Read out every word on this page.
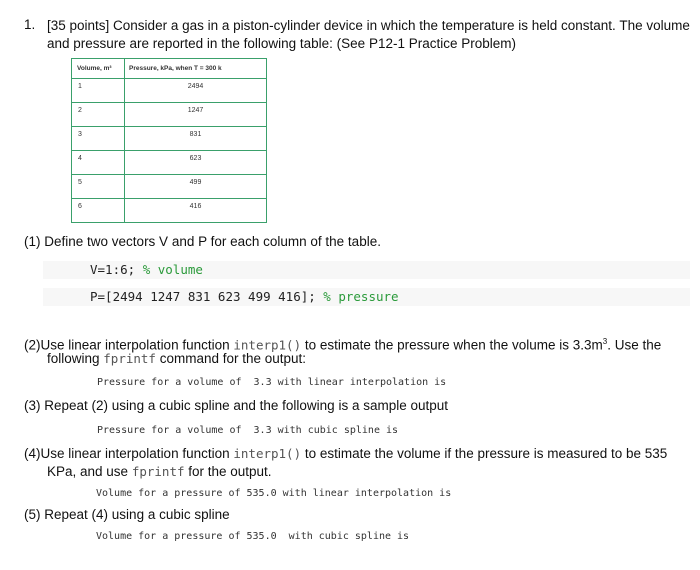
1. [35 points] Consider a gas in a piston-cylinder device in which the temperature is held constant. The volume and pressure are reported in the following table: (See P12-1 Practice Problem)
Volume, m³	Pressure, kPa, when T = 300 k
1	2494
2	1247
3	831
4	623
5	499
6	416
(1) Define two vectors V and P for each column of the table.
V=1:6; % volume
P=[2494 1247 831 623 499 416]; % pressure
(2)Use linear interpolation function interp1() to estimate the pressure when the volume is $3.3m^3$. Use the
following fprintf command for the output:
Pressure for a volume of  3.3 with linear interpolation is
(3) Repeat (2) using a cubic spline and the following is a sample output
Pressure for a volume of  3.3 with cubic spline is
(4)Use linear interpolation function interp1() to estimate the volume if the pressure is measured to be 535
KPa, and use fprintf for the output.
Volume for a pressure of 535.0 with linear interpolation is
(5) Repeat (4) using a cubic spline
Volume for a pressure of 535.0  with cubic spline is
